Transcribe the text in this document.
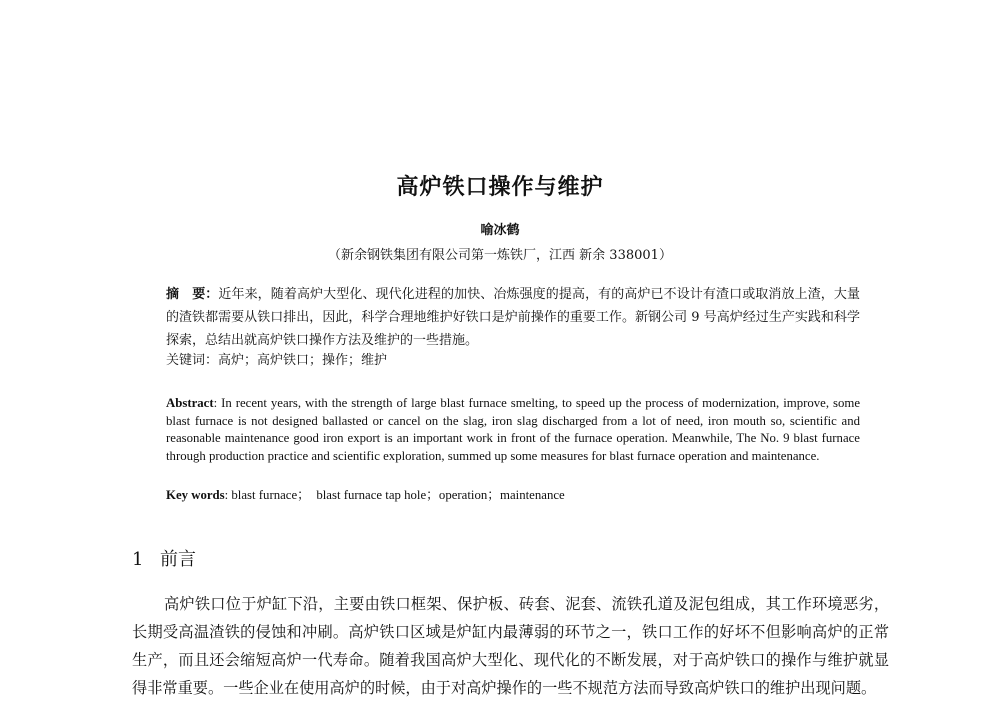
高炉铁口操作与维护
喻冰鹤
（新余钢铁集团有限公司第一炼铁厂，江西 新余 338001）
摘　要：近年来，随着高炉大型化、现代化进程的加快、冶炼强度的提高，有的高炉已不设计有渣口或取消放上渣，大量的渣铁都需要从铁口排出，因此，科学合理地维护好铁口是炉前操作的重要工作。新钢公司 9 号高炉经过生产实践和科学探索，总结出就高炉铁口操作方法及维护的一些措施。
关键词：高炉；高炉铁口；操作；维护
Abstract: In recent years, with the strength of large blast furnace smelting, to speed up the process of modernization, improve, some blast furnace is not designed ballasted or cancel on the slag, iron slag discharged from a lot of need, iron mouth so, scientific and reasonable maintenance good iron export is an important work in front of the furnace operation. Meanwhile, The No. 9 blast furnace through production practice and scientific exploration, summed up some measures for blast furnace operation and maintenance.
Key words: blast furnace；　blast furnace tap hole；operation；maintenance
1 前言
高炉铁口位于炉缸下沿，主要由铁口框架、保护板、砖套、泥套、流铁孔道及泥包组成，其工作环境恶劣，长期受高温渣铁的侵蚀和冲刷。高炉铁口区域是炉缸内最薄弱的环节之一，铁口工作的好坏不但影响高炉的正常生产，而且还会缩短高炉一代寿命。随着我国高炉大型化、现代化的不断发展，对于高炉铁口的操作与维护就显得非常重要。一些企业在使用高炉的时候，由于对高炉操作的一些不规范方法而导致高炉铁口的维护出现问题。
